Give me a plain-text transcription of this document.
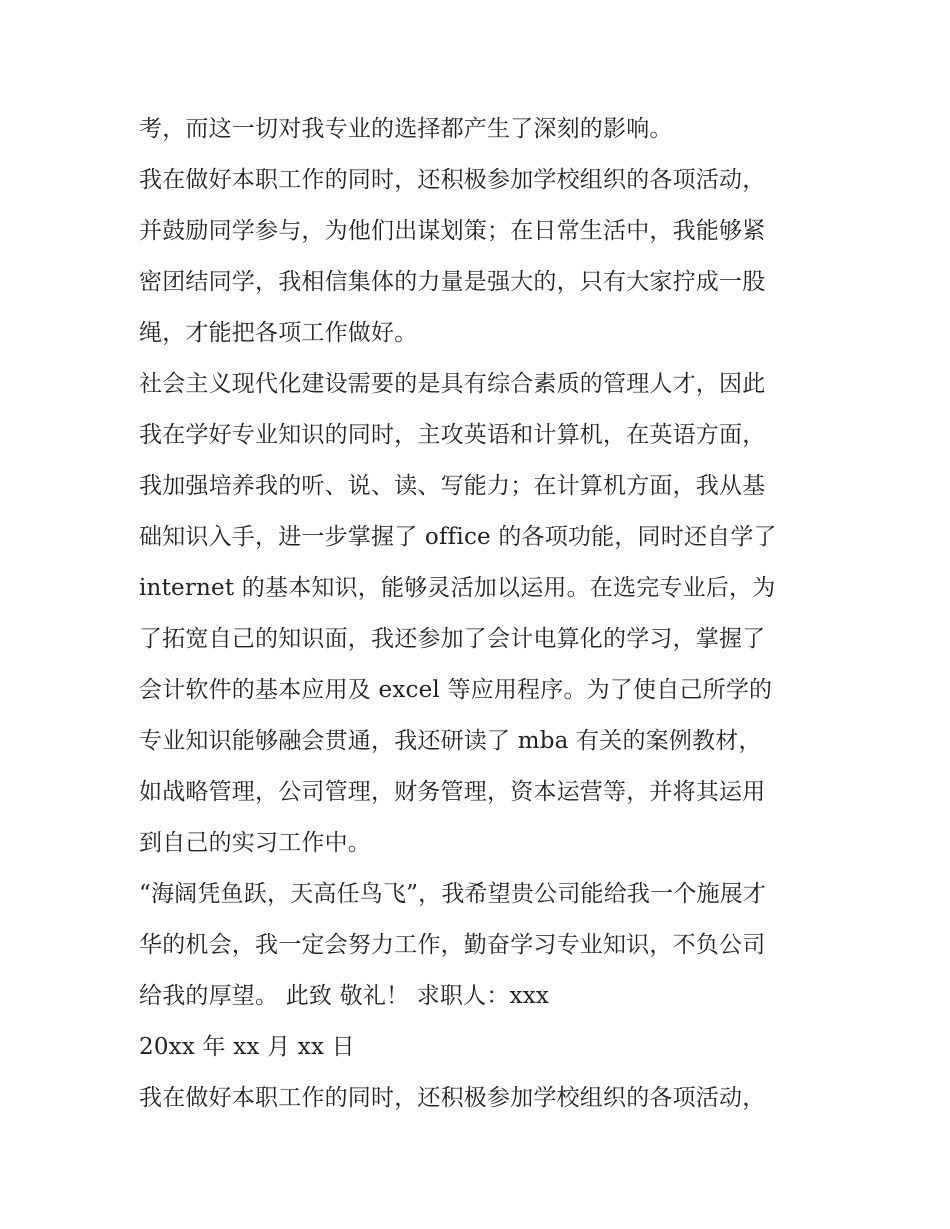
考，而这一切对我专业的选择都产生了深刻的影响。
我在做好本职工作的同时，还积极参加学校组织的各项活动，
并鼓励同学参与，为他们出谋划策；在日常生活中，我能够紧
密团结同学，我相信集体的力量是强大的，只有大家拧成一股
绳，才能把各项工作做好。
社会主义现代化建设需要的是具有综合素质的管理人才，因此
我在学好专业知识的同时，主攻英语和计算机，在英语方面，
我加强培养我的听、说、读、写能力；在计算机方面，我从基
础知识入手，进一步掌握了 office 的各项功能，同时还自学了
internet 的基本知识，能够灵活加以运用。在选完专业后，为
了拓宽自己的知识面，我还参加了会计电算化的学习，掌握了
会计软件的基本应用及 excel 等应用程序。为了使自己所学的
专业知识能够融会贯通，我还研读了 mba 有关的案例教材，
如战略管理，公司管理，财务管理，资本运营等，并将其运用
到自己的实习工作中。
“海阔凭鱼跃，天高任鸟飞”，我希望贵公司能给我一个施展才
华的机会，我一定会努力工作，勤奋学习专业知识，不负公司
给我的厚望。 此致 敬礼！ 求职人：xxx
20xx 年 xx 月 xx 日
我在做好本职工作的同时，还积极参加学校组织的各项活动，
